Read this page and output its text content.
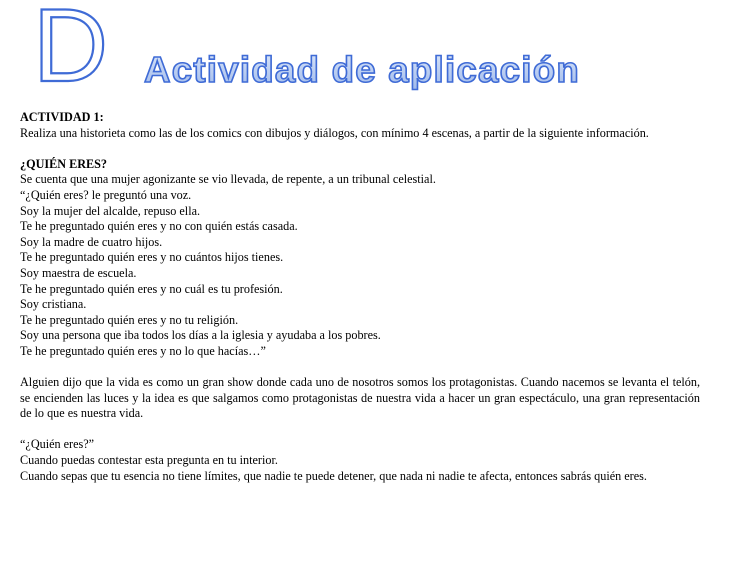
D Actividad de aplicación

ACTIVIDAD 1:

Realiza una historieta como las de los comics con dibujos y diálogos, con mínimo 4 escenas, a partir de la siguiente información.

¿QUIÉN ERES?

Se cuenta que una mujer agonizante se vio llevada, de repente, a un tribunal celestial.

“¿Quién eres? le preguntó una voz.

Soy la mujer del alcalde, repuso ella.

Te he preguntado quién eres y no con quién estás casada.

Soy la madre de cuatro hijos.

Te he preguntado quién eres y no cuántos hijos tienes.

Soy maestra de escuela.

Te he preguntado quién eres y no cuál es tu profesión.

Soy cristiana.

Te he preguntado quién eres y no tu religión.

Soy una persona que iba todos los días a la iglesia y ayudaba a los pobres.

Te he preguntado quién eres y no lo que hacías…”

Alguien dijo que la vida es como un gran show donde cada uno de nosotros somos los protagonistas. Cuando nacemos se levanta el telón, se encienden las luces y la idea es que salgamos como protagonistas de nuestra vida a hacer un gran espectáculo, una gran representación de lo que es nuestra vida.

“¿Quién eres?”

Cuando puedas contestar esta pregunta en tu interior.

Cuando sepas que tu esencia no tiene límites, que nadie te puede detener, que nada ni nadie te afecta, entonces sabrás quién eres.
